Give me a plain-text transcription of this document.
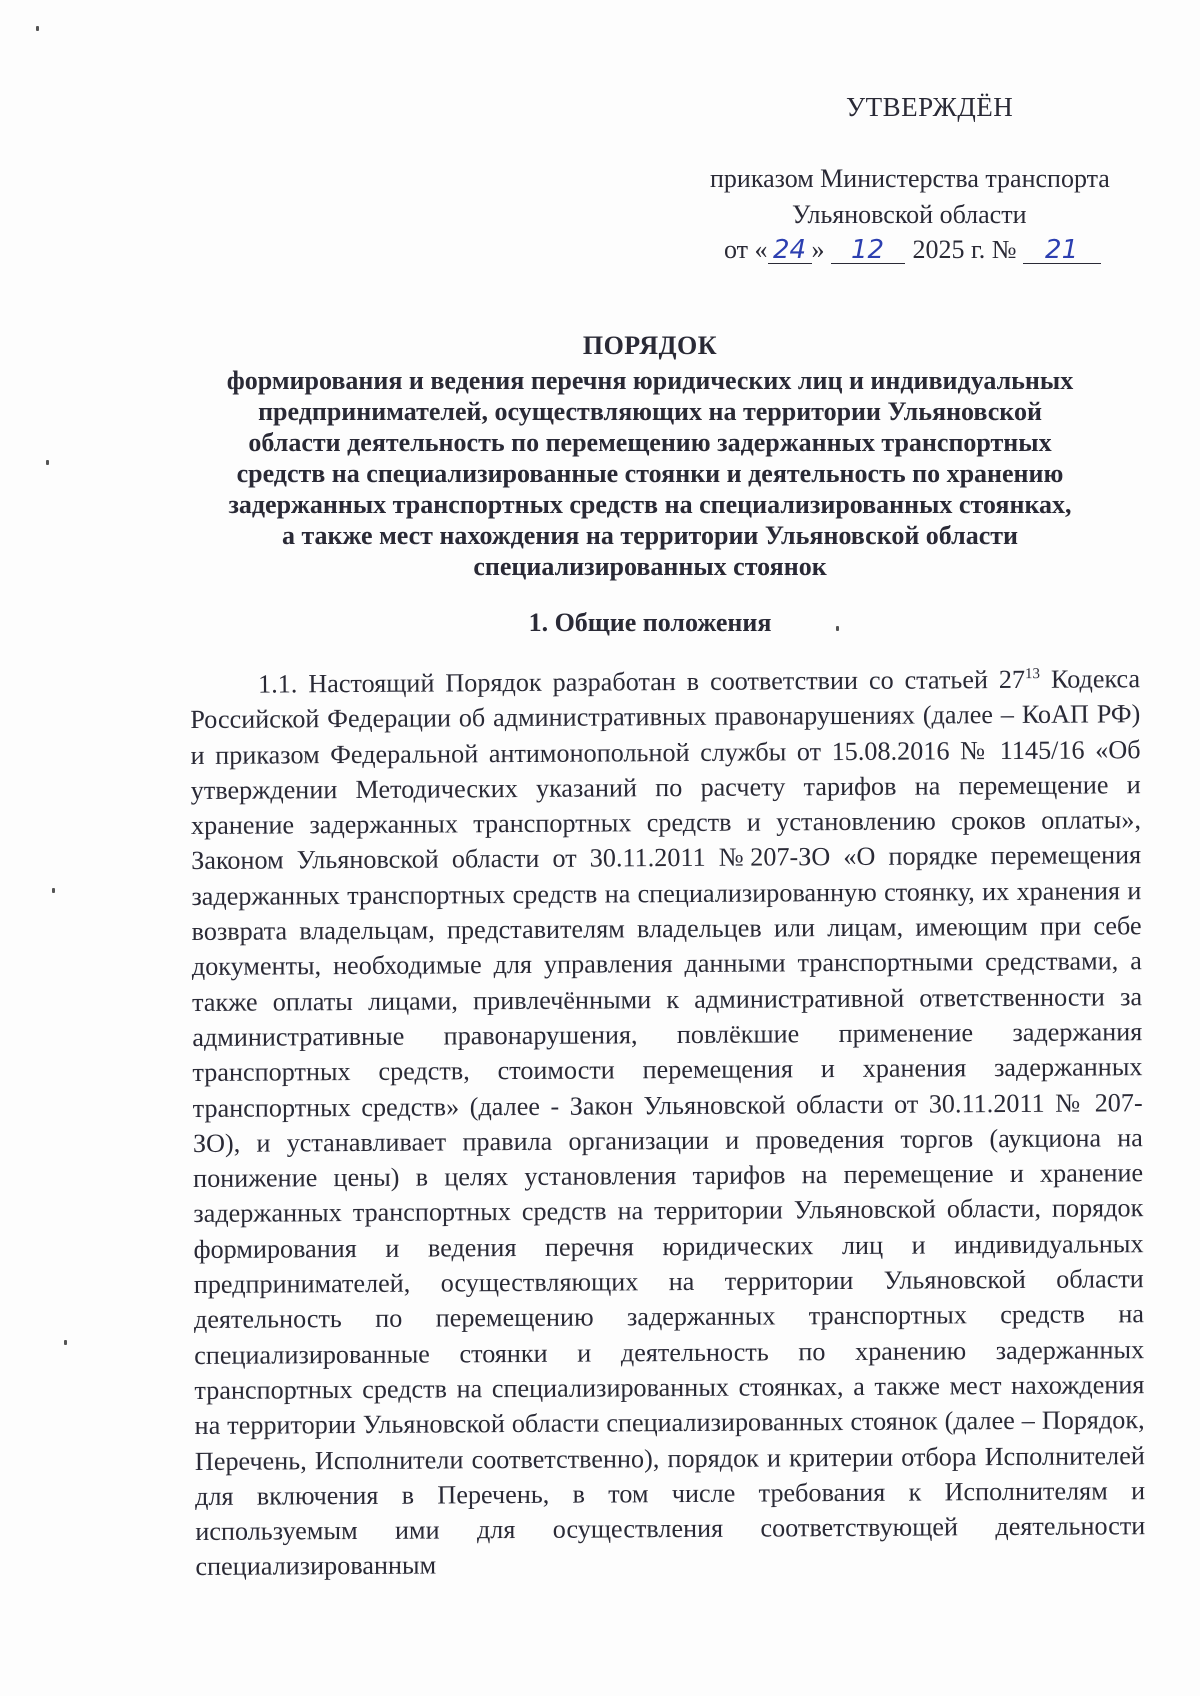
УТВЕРЖДЁН
приказом Министерства транспорта
Ульяновской области
от « 24 » 12 2025 г. № 21
ПОРЯДОК
формирования и ведения перечня юридических лиц и индивидуальных
предпринимателей, осуществляющих на территории Ульяновской
области деятельность по перемещению задержанных транспортных
средств на специализированные стоянки и деятельность по хранению
задержанных транспортных средств на специализированных стоянках,
а также мест нахождения на территории Ульяновской области
специализированных стоянок
1. Общие положения
1.1. Настоящий Порядок разработан в соответствии со статьей $27^{13}$ Кодекса Российской Федерации об административных правонарушениях (далее – КоАП РФ) и приказом Федеральной антимонопольной службы от 15.08.2016 № 1145/16 «Об утверждении Методических указаний по расчету тарифов на перемещение и хранение задержанных транспортных средств и установлению сроков оплаты», Законом Ульяновской области от 30.11.2011 №207-ЗО «О порядке перемещения задержанных транспортных средств на специализированную стоянку, их хранения и возврата владельцам, представителям владельцев или лицам, имеющим при себе документы, необходимые для управления данными транспортными средствами, а также оплаты лицами, привлечёнными к административной ответственности за административные правонарушения, повлёкшие применение задержания транспортных средств, стоимости перемещения и хранения задержанных транспортных средств» (далее - Закон Ульяновской области от 30.11.2011 № 207-ЗО), и устанавливает правила организации и проведения торгов (аукциона на понижение цены) в целях установления тарифов на перемещение и хранение задержанных транспортных средств на территории Ульяновской области, порядок формирования и ведения перечня юридических лиц и индивидуальных предпринимателей, осуществляющих на территории Ульяновской области деятельность по перемещению задержанных транспортных средств на специализированные стоянки и деятельность по хранению задержанных транспортных средств на специализированных стоянках, а также мест нахождения на территории Ульяновской области специализированных стоянок (далее – Порядок, Перечень, Исполнители соответственно), порядок и критерии отбора Исполнителей для включения в Перечень, в том числе требования к Исполнителям и используемым ими для осуществления соответствующей деятельности специализированным
